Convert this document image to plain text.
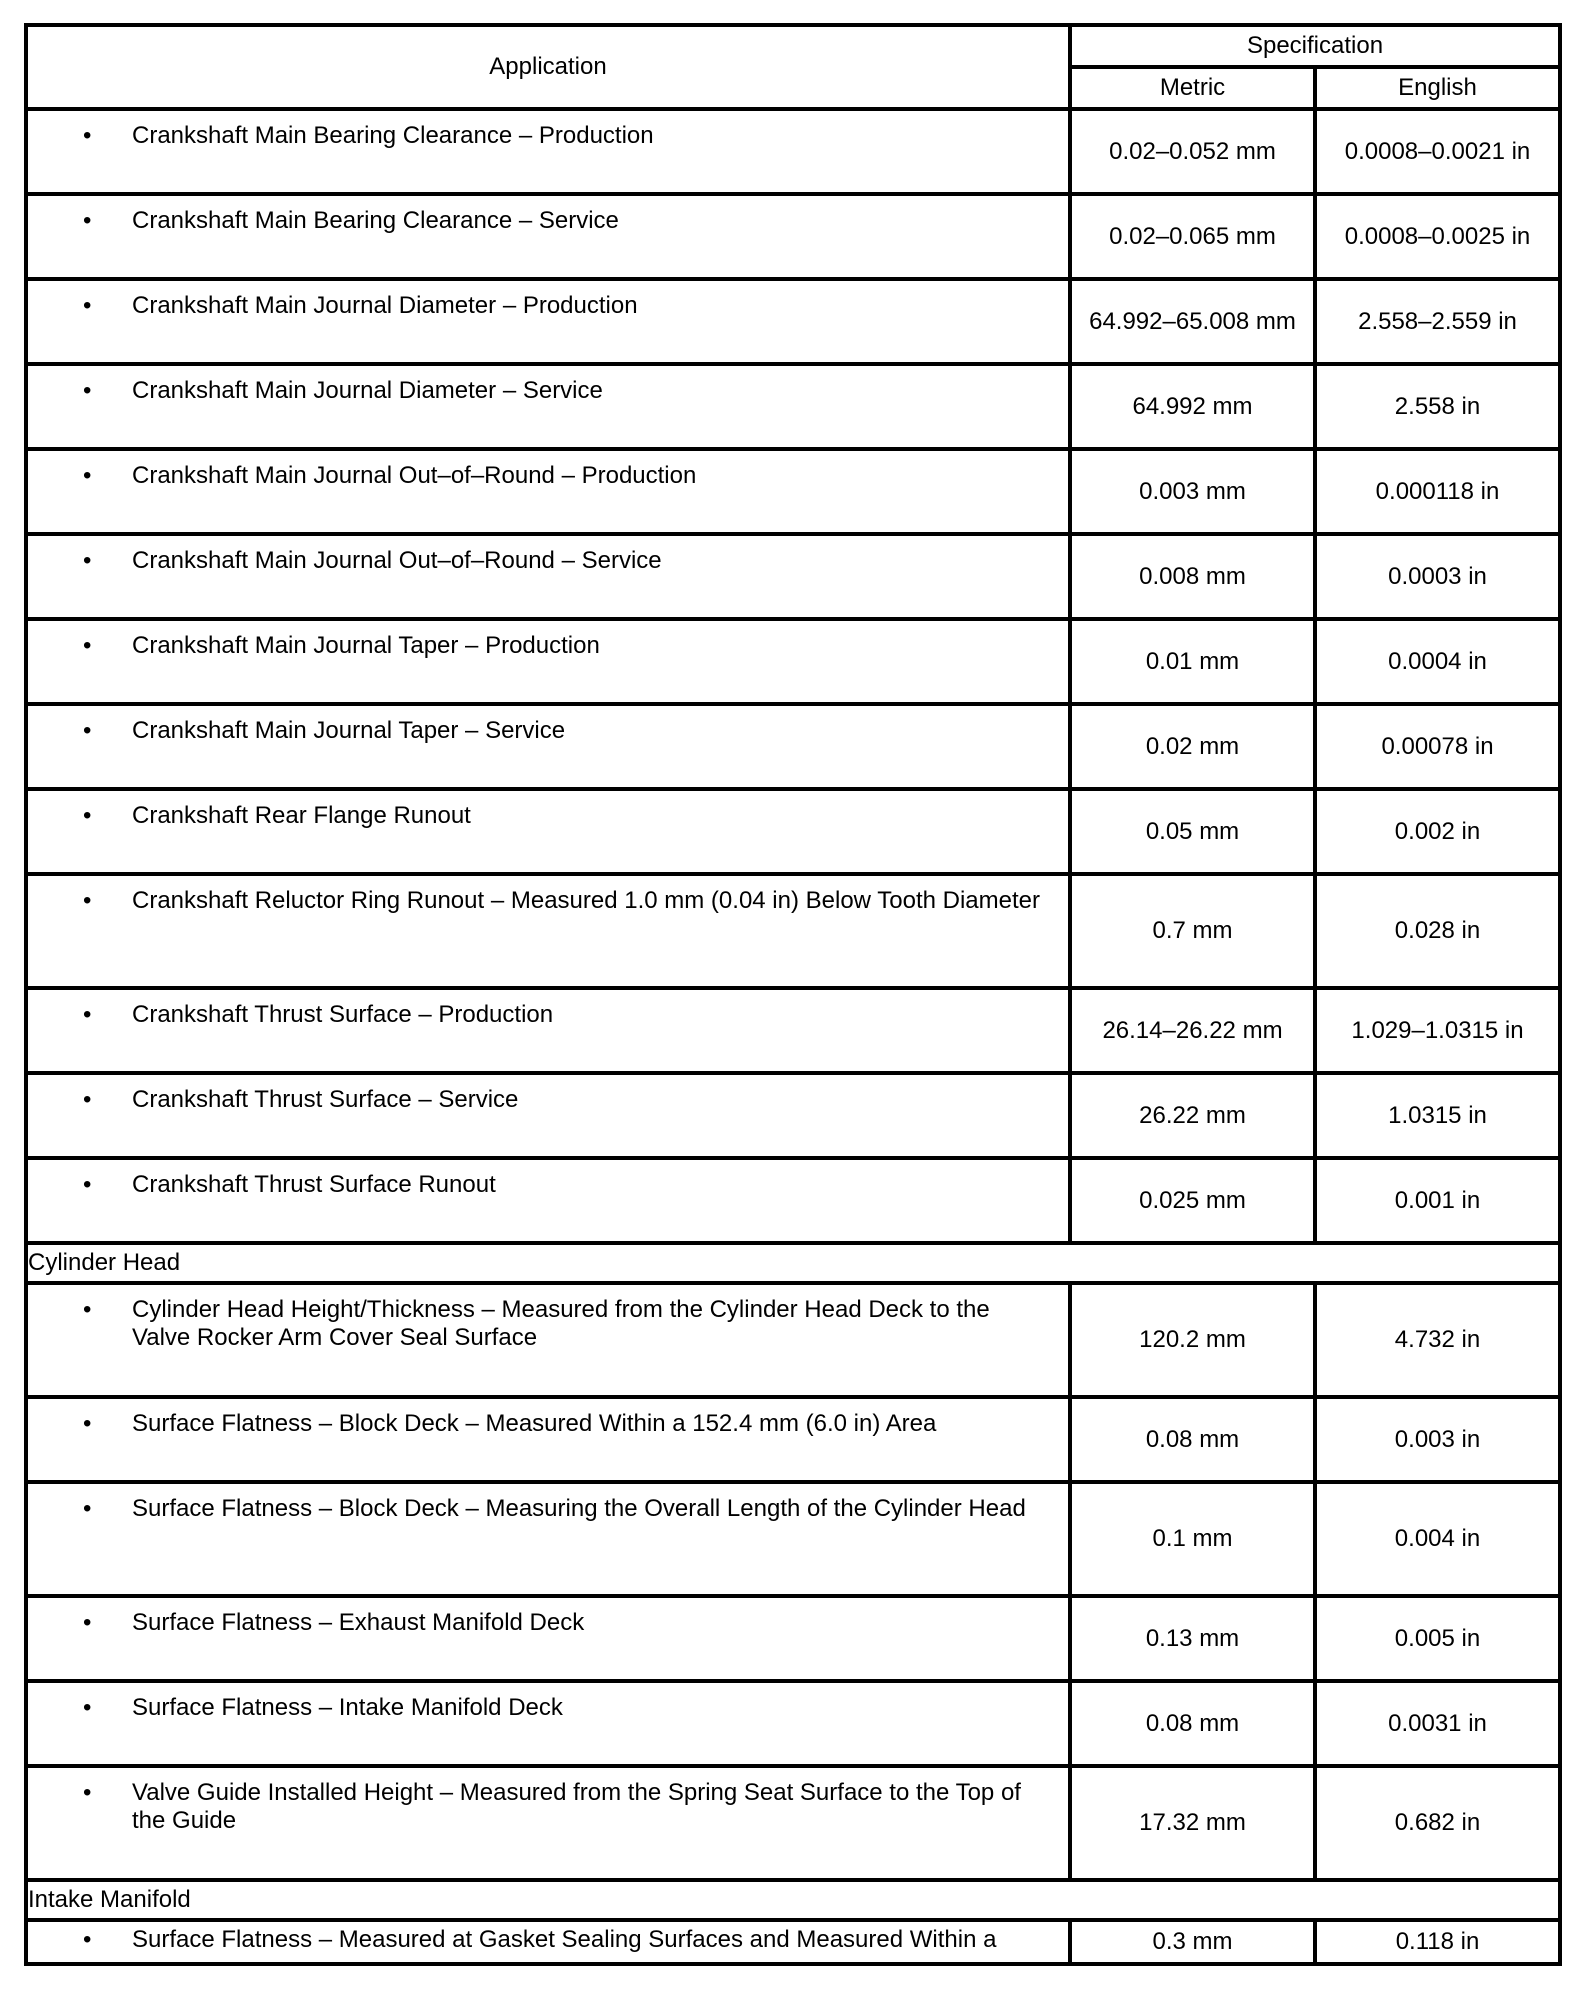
Application	Specification	
	Metric	English

• Crankshaft Main Bearing Clearance – Production	0.02–0.052 mm	0.0008–0.0021 in

• Crankshaft Main Bearing Clearance – Service	0.02–0.065 mm	0.0008–0.0025 in

• Crankshaft Main Journal Diameter – Production	64.992–65.008 mm	2.558–2.559 in

• Crankshaft Main Journal Diameter – Service	64.992 mm	2.558 in

• Crankshaft Main Journal Out–of–Round – Production	0.003 mm	0.000118 in

• Crankshaft Main Journal Out–of–Round – Service	0.008 mm	0.0003 in

• Crankshaft Main Journal Taper – Production	0.01 mm	0.0004 in

• Crankshaft Main Journal Taper – Service	0.02 mm	0.00078 in

• Crankshaft Rear Flange Runout	0.05 mm	0.002 in

• Crankshaft Reluctor Ring Runout – Measured 1.0 mm (0.04 in) Below Tooth Diameter	0.7 mm	0.028 in

• Crankshaft Thrust Surface – Production	26.14–26.22 mm	1.029–1.0315 in

• Crankshaft Thrust Surface – Service	26.22 mm	1.0315 in

• Crankshaft Thrust Surface Runout	0.025 mm	0.001 in
Cylinder Head		

• Cylinder Head Height/Thickness – Measured from the Cylinder Head Deck to the Valve Rocker Arm Cover Seal Surface	120.2 mm	4.732 in

• Surface Flatness – Block Deck – Measured Within a 152.4 mm (6.0 in) Area	0.08 mm	0.003 in

• Surface Flatness – Block Deck – Measuring the Overall Length of the Cylinder Head	0.1 mm	0.004 in

• Surface Flatness – Exhaust Manifold Deck	0.13 mm	0.005 in

• Surface Flatness – Intake Manifold Deck	0.08 mm	0.0031 in

• Valve Guide Installed Height – Measured from the Spring Seat Surface to the Top of the Guide	17.32 mm	0.682 in
Intake Manifold		

• Surface Flatness – Measured at Gasket Sealing Surfaces and Measured Within a	0.3 mm	0.118 in
